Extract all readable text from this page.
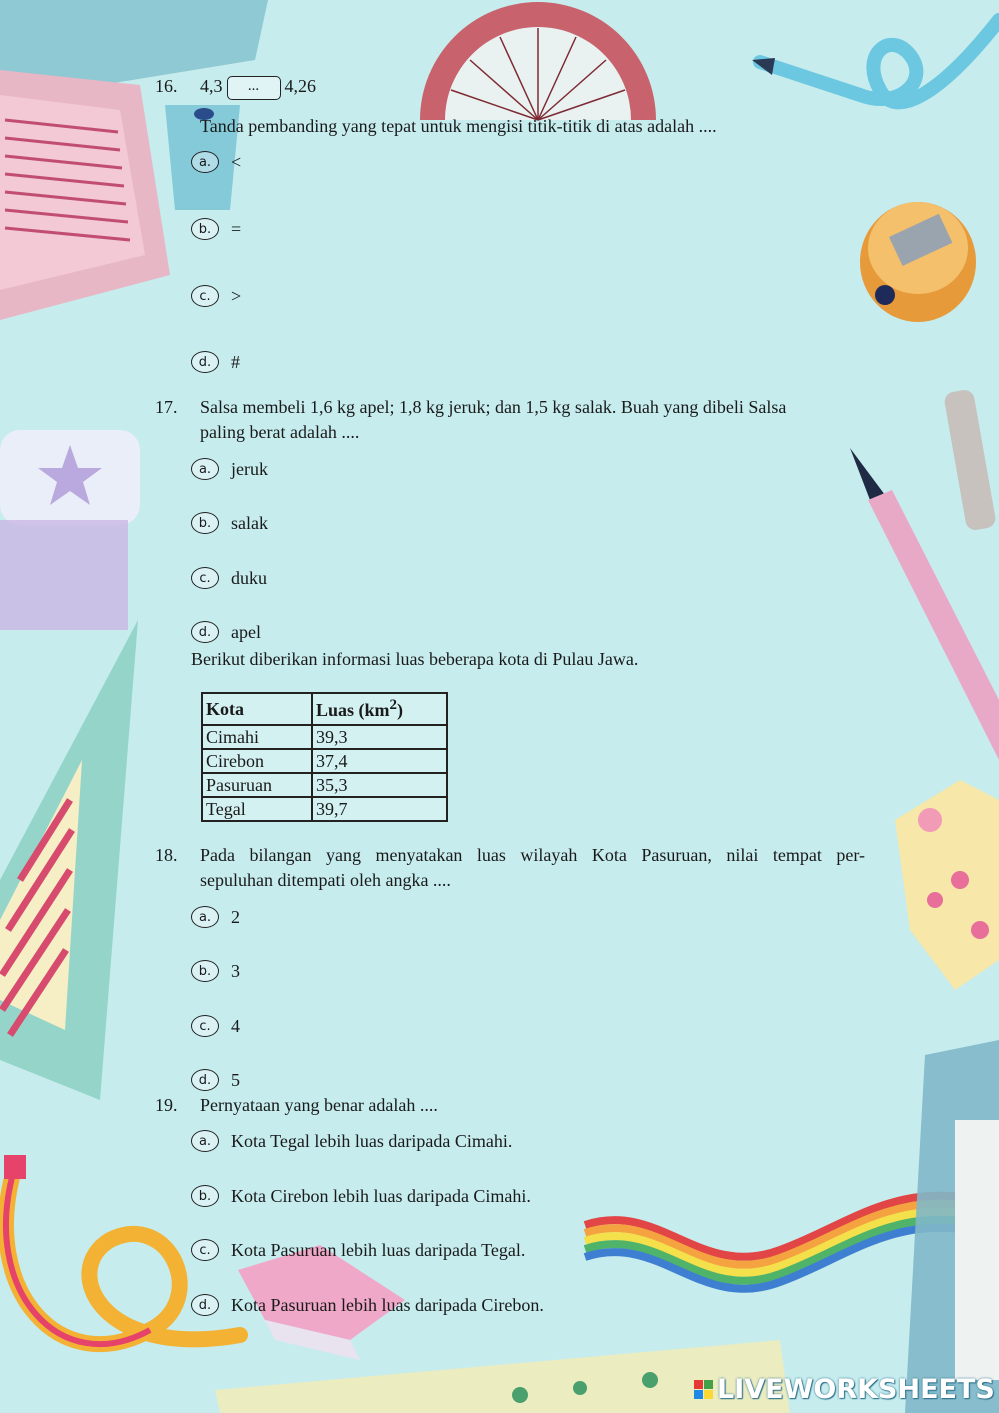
16. 4,3 ... 4,26
Tanda pembanding yang tepat untuk mengisi titik-titik di atas adalah ....
a.	<
b.	=
c.	>
d.	#
17. Salsa membeli 1,6 kg apel; 1,8 kg jeruk; dan 1,5 kg salak. Buah yang dibeli Salsa
paling berat adalah ....
a.	jeruk
b.	salak
c.	duku
d.	apel
Berikut diberikan informasi luas beberapa kota di Pulau Jawa.
Kota	Luas $(km^2)$
Cimahi	39,3
Cirebon	37,4
Pasuruan	35,3
Tegal	39,7
18. Pada bilangan yang menyatakan luas wilayah Kota Pasuruan, nilai tempat per-
sepuluhan ditempati oleh angka ....
a.	2
b.	3
c.	4
d.	5
19. Pernyataan yang benar adalah ....
a.	Kota Tegal lebih luas daripada Cimahi.
b.	Kota Cirebon lebih luas daripada Cimahi.
c.	Kota Pasuruan lebih luas daripada Tegal.
d.	Kota Pasuruan lebih luas daripada Cirebon.
LIVEWORKSHEETS
